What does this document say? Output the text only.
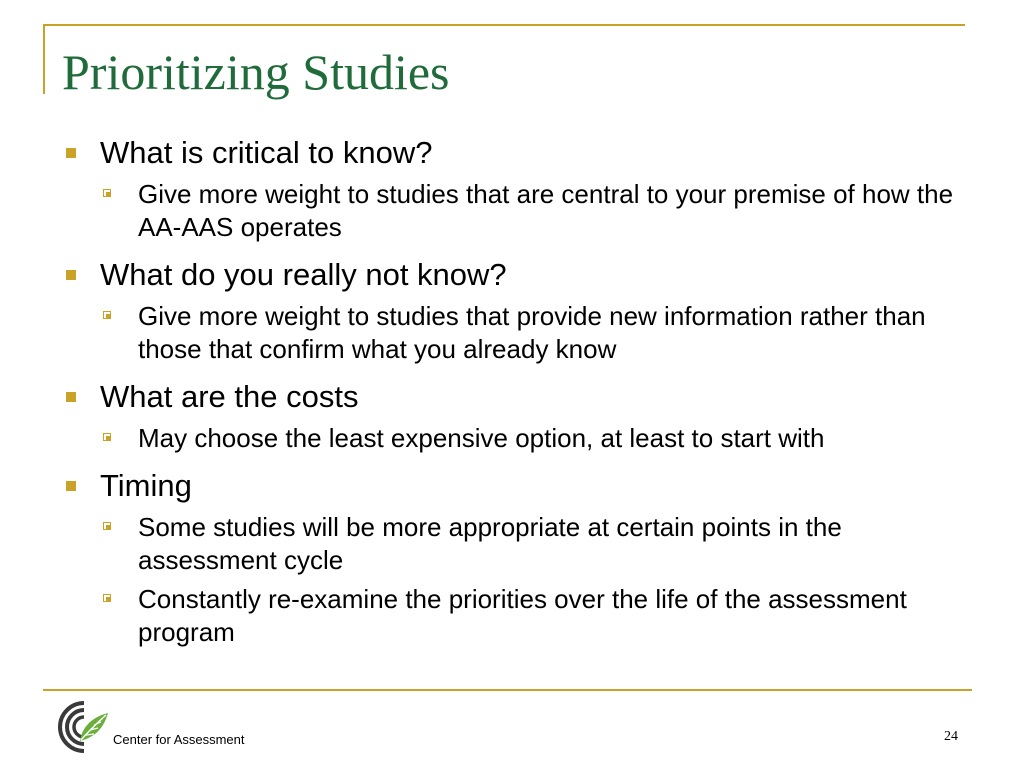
Prioritizing Studies
What is critical to know?
Give more weight to studies that are central to your premise of how the AA-AAS operates
What do you really not know?
Give more weight to studies that provide new information rather than those that confirm what you already know
What are the costs
May choose the least expensive option, at least to start with
Timing
Some studies will be more appropriate at certain points in the assessment cycle
Constantly re-examine the priorities over the life of the assessment program
Center for Assessment	24
